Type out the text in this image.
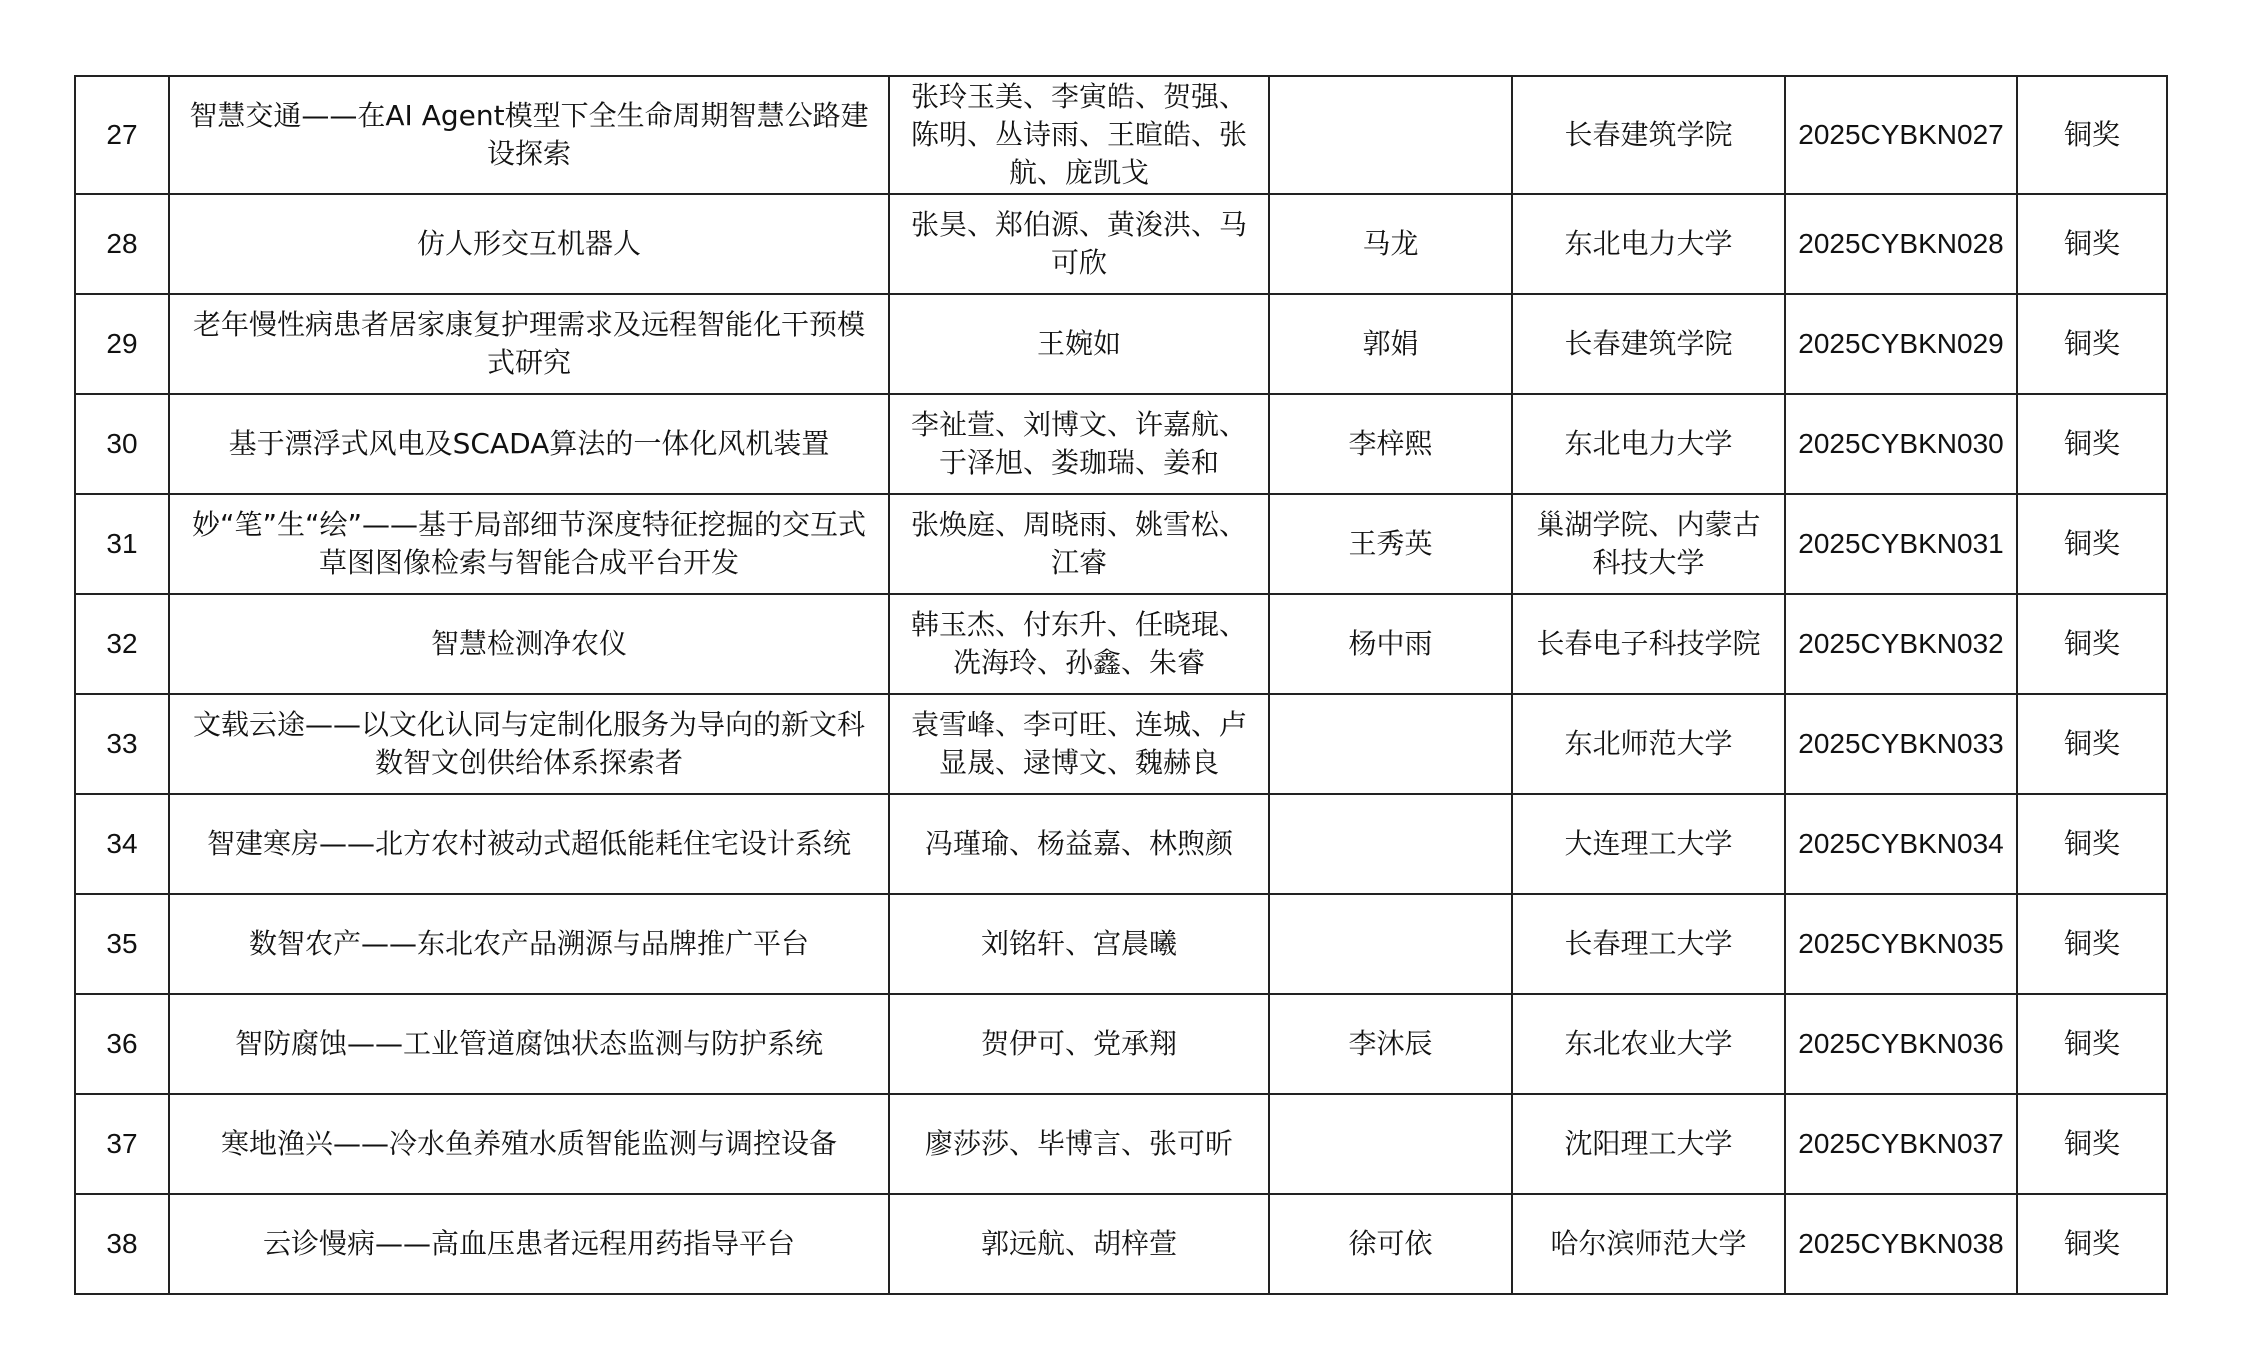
27	智慧交通——在AI Agent模型下全生命周期智慧公路建设探索	张玲玉美、李寅皓、贺强、陈明、丛诗雨、王暄皓、张航、庞凯戈		长春建筑学院	2025CYBKN027	铜奖
28	仿人形交互机器人	张昊、郑伯源、黄浚洪、马可欣	马龙	东北电力大学	2025CYBKN028	铜奖
29	老年慢性病患者居家康复护理需求及远程智能化干预模式研究	王婉如	郭娟	长春建筑学院	2025CYBKN029	铜奖
30	基于漂浮式风电及SCADA算法的一体化风机装置	李祉萱、刘博文、许嘉航、于泽旭、娄珈瑞、姜和	李梓熙	东北电力大学	2025CYBKN030	铜奖
31	妙“笔”生“绘”——基于局部细节深度特征挖掘的交互式草图图像检索与智能合成平台开发	张焕庭、周晓雨、姚雪松、江睿	王秀英	巢湖学院、内蒙古科技大学	2025CYBKN031	铜奖
32	智慧检测净农仪	韩玉杰、付东升、任晓琨、冼海玲、孙鑫、朱睿	杨中雨	长春电子科技学院	2025CYBKN032	铜奖
33	文载云途——以文化认同与定制化服务为导向的新文科数智文创供给体系探索者	袁雪峰、李可旺、连城、卢显晟、逯博文、魏赫良		东北师范大学	2025CYBKN033	铜奖
34	智建寒房——北方农村被动式超低能耗住宅设计系统	冯瑾瑜、杨益嘉、林煦颜		大连理工大学	2025CYBKN034	铜奖
35	数智农产——东北农产品溯源与品牌推广平台	刘铭轩、宫晨曦		长春理工大学	2025CYBKN035	铜奖
36	智防腐蚀——工业管道腐蚀状态监测与防护系统	贺伊可、党承翔	李沐辰	东北农业大学	2025CYBKN036	铜奖
37	寒地渔兴——冷水鱼养殖水质智能监测与调控设备	廖莎莎、毕博言、张可昕		沈阳理工大学	2025CYBKN037	铜奖
38	云诊慢病——高血压患者远程用药指导平台	郭远航、胡梓萱	徐可依	哈尔滨师范大学	2025CYBKN038	铜奖
